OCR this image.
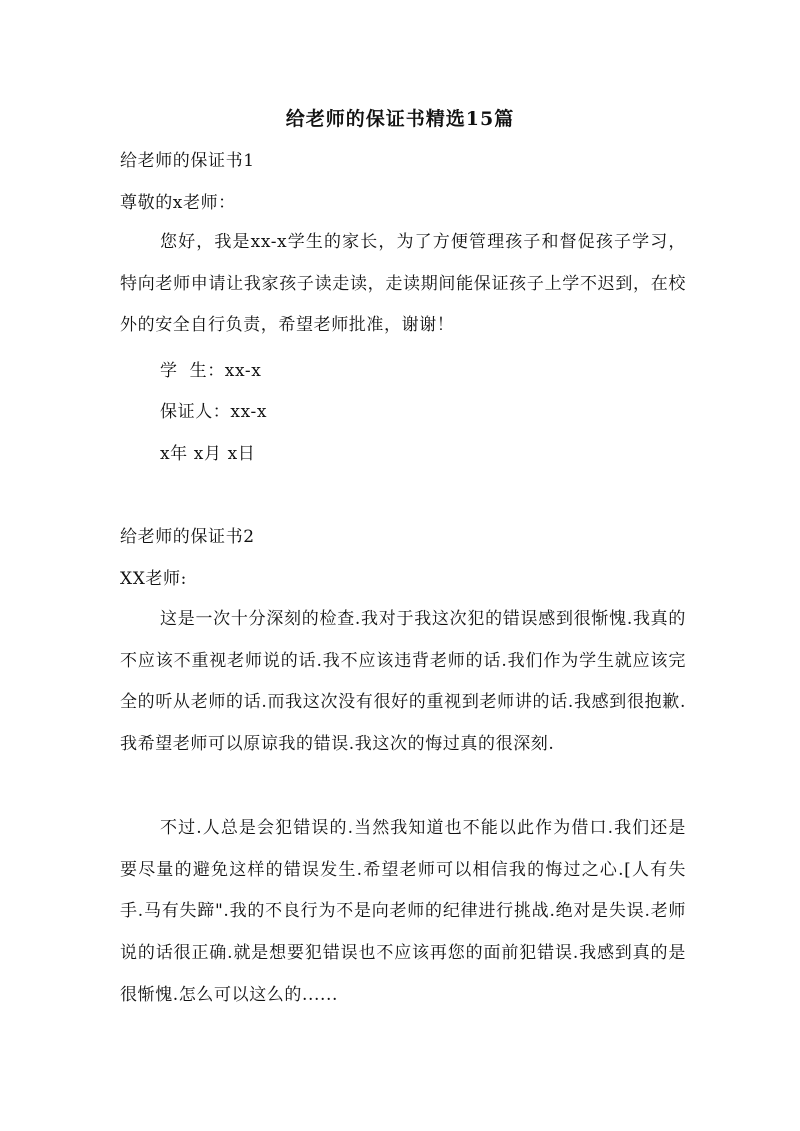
给老师的保证书精选15篇
给老师的保证书1
尊敬的x老师：
您好，我是xx-x学生的家长，为了方便管理孩子和督促孩子学习，特向老师申请让我家孩子读走读，走读期间能保证孩子上学不迟到，在校外的安全自行负责，希望老师批准，谢谢！
学  生：xx-x
保证人：xx-x
x年 x月 x日
给老师的保证书2
XX老师:
这是一次十分深刻的检查.我对于我这次犯的错误感到很惭愧.我真的不应该不重视老师说的话.我不应该违背老师的话.我们作为学生就应该完全的听从老师的话.而我这次没有很好的重视到老师讲的话.我感到很抱歉.我希望老师可以原谅我的错误.我这次的悔过真的很深刻.
不过.人总是会犯错误的.当然我知道也不能以此作为借口.我们还是要尽量的避免这样的错误发生.希望老师可以相信我的悔过之心.[人有失手.马有失蹄".我的不良行为不是向老师的纪律进行挑战.绝对是失误.老师说的话很正确.就是想要犯错误也不应该再您的面前犯错误.我感到真的是很惭愧.怎么可以这么的......
